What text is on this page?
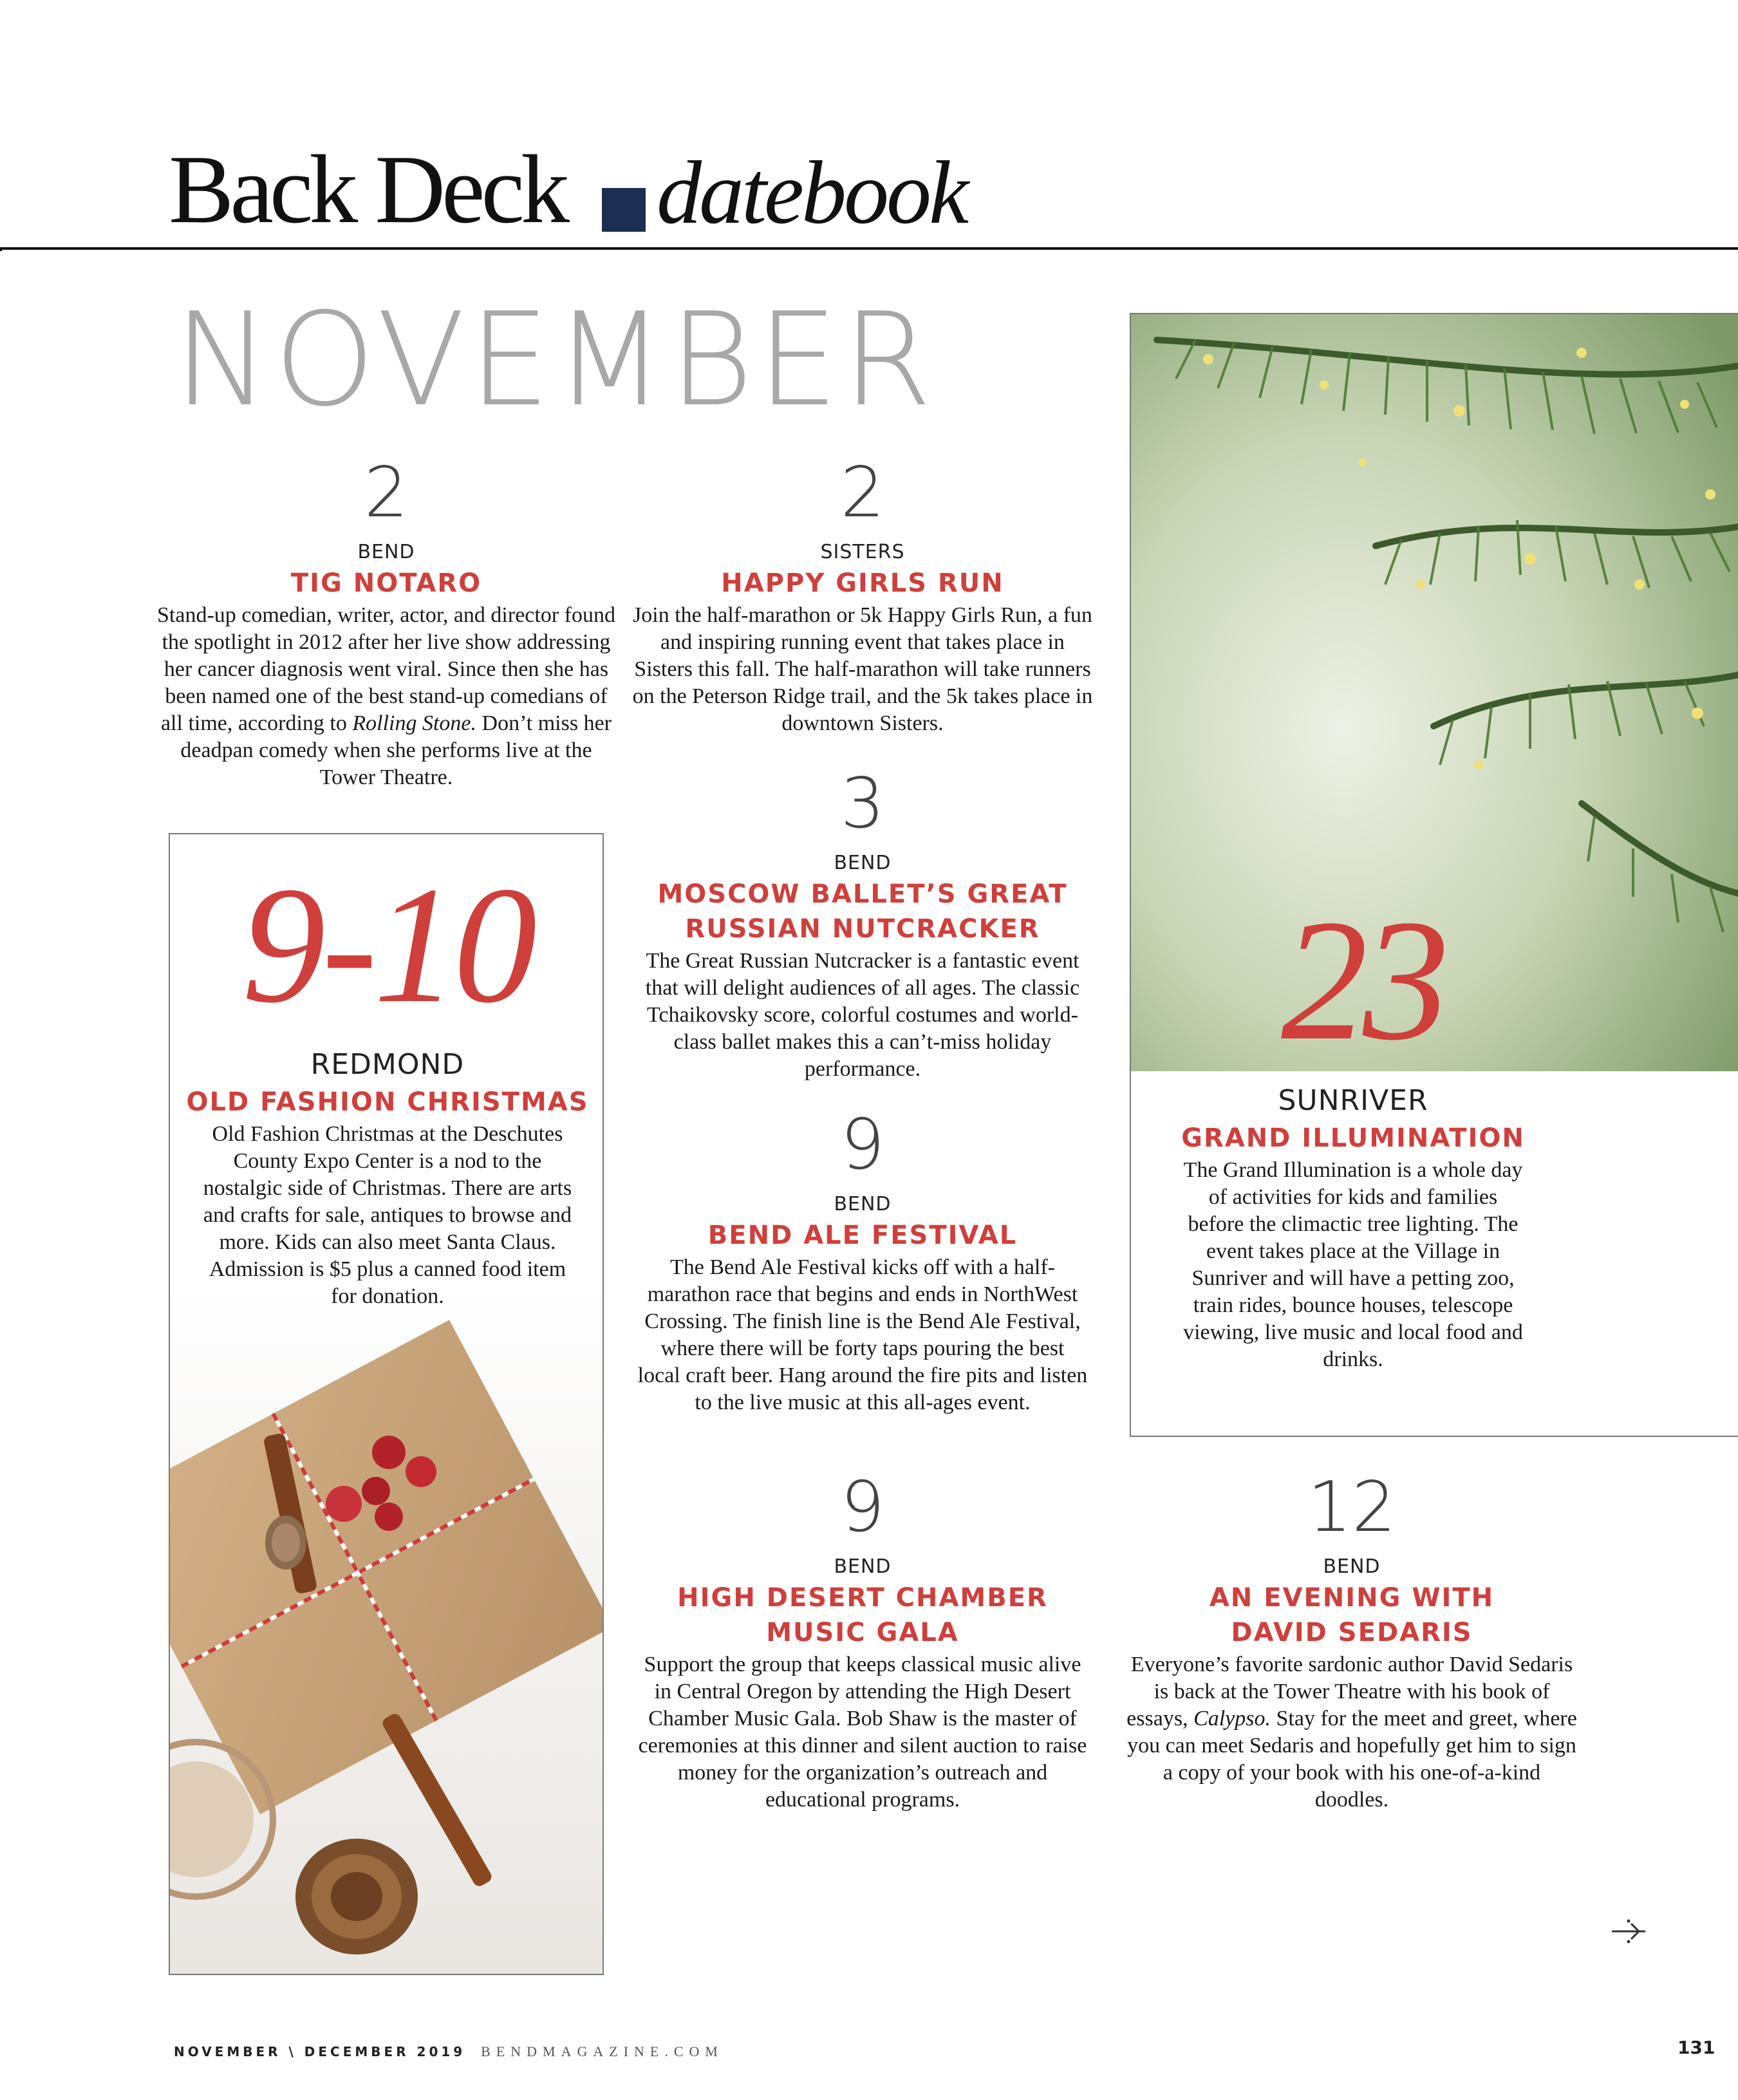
Back Deck datebook
NOVEMBER
2
BEND
TIG NOTARO
Stand-up comedian, writer, actor, and director found the spotlight in 2012 after her live show addressing her cancer diagnosis went viral. Since then she has been named one of the best stand-up comedians of all time, according to Rolling Stone. Don’t miss her deadpan comedy when she performs live at the Tower Theatre.
2
SISTERS
HAPPY GIRLS RUN
Join the half-marathon or 5k Happy Girls Run, a fun and inspiring running event that takes place in Sisters this fall. The half-marathon will take runners on the Peterson Ridge trail, and the 5k takes place in downtown Sisters.
3
BEND
MOSCOW BALLET’S GREAT
RUSSIAN NUTCRACKER
The Great Russian Nutcracker is a fantastic event that will delight audiences of all ages. The classic Tchaikovsky score, colorful costumes and world-class ballet makes this a can’t-miss holiday performance.
9-10
REDMOND
OLD FASHION CHRISTMAS
Old Fashion Christmas at the Deschutes County Expo Center is a nod to the nostalgic side of Christmas. There are arts and crafts for sale, antiques to browse and more. Kids can also meet Santa Claus. Admission is $5 plus a canned food item for donation.
9
BEND
BEND ALE FESTIVAL
The Bend Ale Festival kicks off with a half-marathon race that begins and ends in NorthWest Crossing. The finish line is the Bend Ale Festival, where there will be forty taps pouring the best local craft beer. Hang around the fire pits and listen to the live music at this all-ages event.
23
SUNRIVER
GRAND ILLUMINATION
The Grand Illumination is a whole day of activities for kids and families before the climactic tree lighting. The event takes place at the Village in Sunriver and will have a petting zoo, train rides, bounce houses, telescope viewing, live music and local food and drinks.
9
BEND
HIGH DESERT CHAMBER
MUSIC GALA
Support the group that keeps classical music alive in Central Oregon by attending the High Desert Chamber Music Gala. Bob Shaw is the master of ceremonies at this dinner and silent auction to raise money for the organization’s outreach and educational programs.
12
BEND
AN EVENING WITH
DAVID SEDARIS
Everyone’s favorite sardonic author David Sedaris is back at the Tower Theatre with his book of essays, Calypso. Stay for the meet and greet, where you can meet Sedaris and hopefully get him to sign a copy of your book with his one-of-a-kind doodles.
NOVEMBER \ DECEMBER 2019 BENDMAGAZINE.COM	131
